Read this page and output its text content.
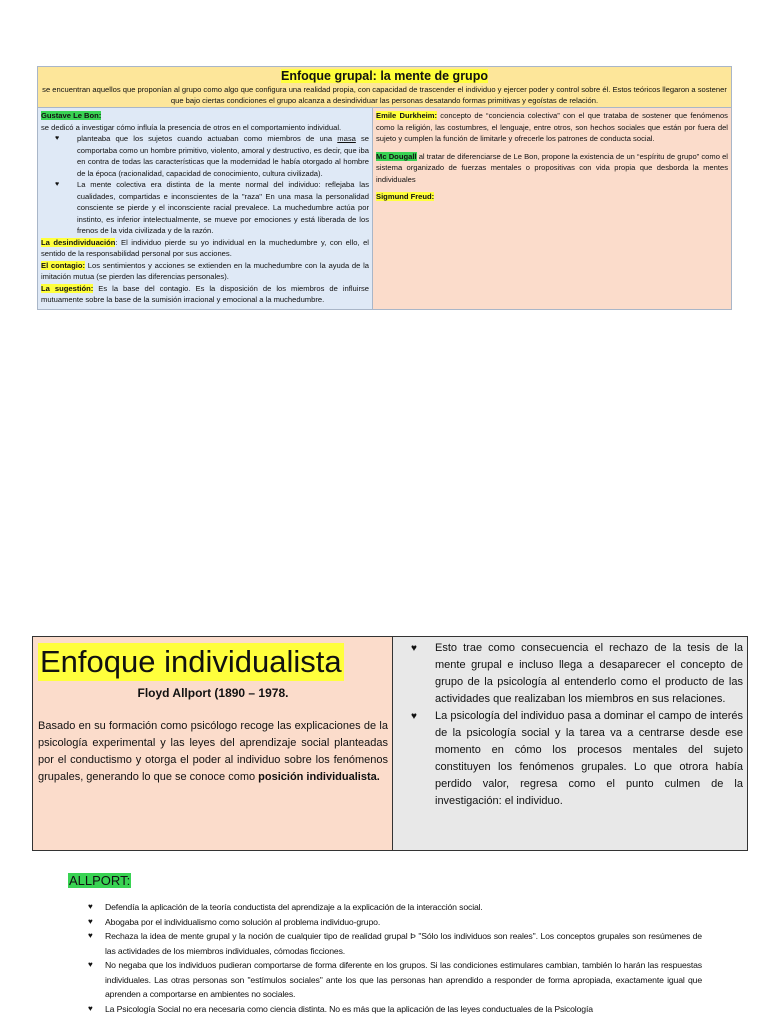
Enfoque grupal: la mente de grupo
se encuentran aquellos que proponían al grupo como algo que configura una realidad propia, con capacidad de trascender el individuo y ejercer poder y control sobre él. Estos teóricos llegaron a sostener que bajo ciertas condiciones el grupo alcanza a desindividuar las personas desatando formas primitivas y egoístas de relación.

Gustave Le Bon:

se dedicó a investigar cómo influía la presencia de otros en el comportamiento individual.

♥ planteaba que los sujetos cuando actuaban como miembros de una masa se comportaba como un hombre primitivo, violento, amoral y destructivo, es decir, que iba en contra de todas las características que la modernidad le había otorgado al hombre de la época (racionalidad, capacidad de conocimiento, cultura civilizada).
♥ La mente colectiva era distinta de la mente normal del individuo: reflejaba las cualidades, compartidas e inconscientes de la "raza" En una masa la personalidad consciente se pierde y el inconsciente racial prevalece. La muchedumbre actúa por instinto, es inferior intelectualmente, se mueve por emociones y está liberada de los frenos de la vida civilizada y de la razón.

La desindividuación: El individuo pierde su yo individual en la muchedumbre y, con ello, el sentido de la responsabilidad personal por sus acciones.

El contagio: Los sentimientos y acciones se extienden en la muchedumbre con la ayuda de la imitación mutua (se pierden las diferencias personales).

La sugestión: Es la base del contagio. Es la disposición de los miembros de influirse mutuamente sobre la base de la sumisión irracional y emocional a la muchedumbre.

Emile Durkheim: concepto de “conciencia colectiva” con el que trataba de sostener que fenómenos como la religión, las costumbres, el lenguaje, entre otros, son hechos sociales que están por fuera del sujeto y cumplen la función de limitarle y ofrecerle los patrones de conducta social.

Mc Dougall al tratar de diferenciarse de Le Bon, propone la existencia de un “espíritu de grupo” como el sistema organizado de fuerzas mentales o propositivas con vida propia que desborda la mentes individuales

Sigmund Freud:

Enfoque individualista
Floyd Allport (1890 – 1978.

Basado en su formación como psicólogo recoge las explicaciones de la psicología experimental y las leyes del aprendizaje social planteadas por el conductismo y otorga el poder al individuo sobre los fenómenos grupales, generando lo que se conoce como posición individualista.

♥ Esto trae como consecuencia el rechazo de la tesis de la mente grupal e incluso llega a desaparecer el concepto de grupo de la psicología al entenderlo como el producto de las actividades que realizaban los miembros en sus relaciones.
♥ La psicología del individuo pasa a dominar el campo de interés de la psicología social y la tarea va a centrarse desde ese momento en cómo los procesos mentales del sujeto constituyen los fenómenos grupales. Lo que otrora había perdido valor, regresa como el punto culmen de la investigación: el individuo.
ALLPORT:
♥ Defendía la aplicación de la teoría conductista del aprendizaje a la explicación de la interacción social.
♥ Abogaba por el individualismo como solución al problema individuo-grupo.
♥ Rechaza la idea de mente grupal y la noción de cualquier tipo de realidad grupal Þ "Sólo los individuos son reales". Los conceptos grupales son resúmenes de las actividades de los miembros individuales, cómodas ficciones.
♥ No negaba que los individuos pudieran comportarse de forma diferente en los grupos. Si las condiciones estimulares cambian, también lo harán las respuestas individuales. Las otras personas son "estímulos sociales" ante los que las personas han aprendido a responder de forma apropiada, exactamente igual que aprenden a comportarse en ambientes no sociales.
♥ La Psicología Social no era necesaria como ciencia distinta. No es más que la aplicación de las leyes conductuales de la Psicología
